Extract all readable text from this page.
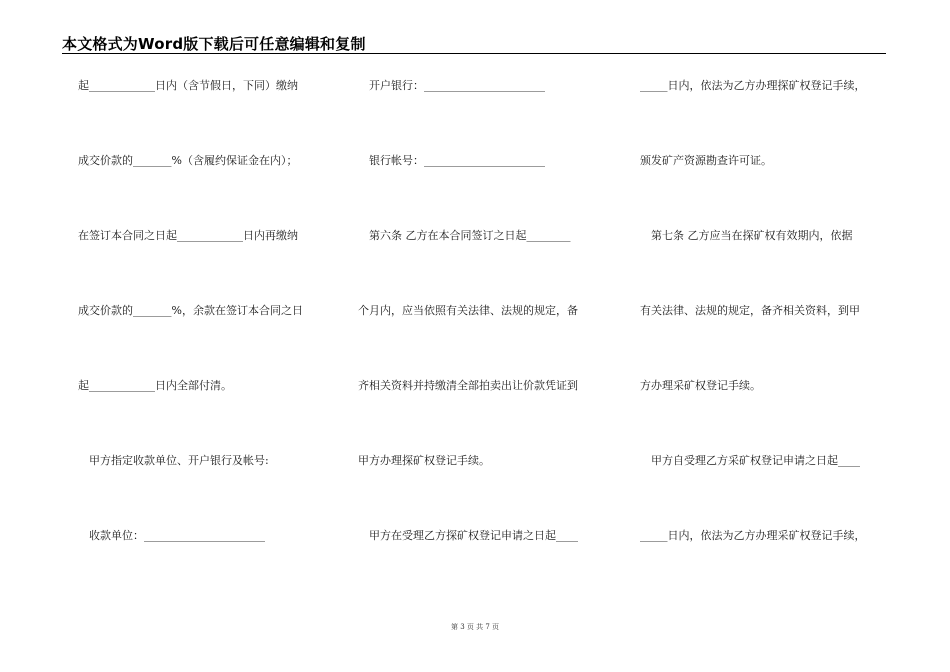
本文格式为Word版下载后可任意编辑和复制
起____________日内（含节假日，下同）缴纳
成交价款的_______%（含履约保证金在内）；
在签订本合同之日起____________日内再缴纳
成交价款的_______%，余款在签订本合同之日
起____________日内全部付清。
　甲方指定收款单位、开户银行及帐号:
　收款单位：______________________
　开户银行：______________________
　银行帐号：______________________
　第六条 乙方在本合同签订之日起________
个月内，应当依照有关法律、法规的规定，备
齐相关资料并持缴清全部拍卖出让价款凭证到
甲方办理探矿权登记手续。
　甲方在受理乙方探矿权登记申请之日起____
_____日内，依法为乙方办理探矿权登记手续，
颁发矿产资源勘查许可证。
　第七条 乙方应当在探矿权有效期内，依据
有关法律、法规的规定，备齐相关资料，到甲
方办理采矿权登记手续。
　甲方自受理乙方采矿权登记申请之日起____
_____日内，依法为乙方办理采矿权登记手续，
第 3 页 共 7 页
